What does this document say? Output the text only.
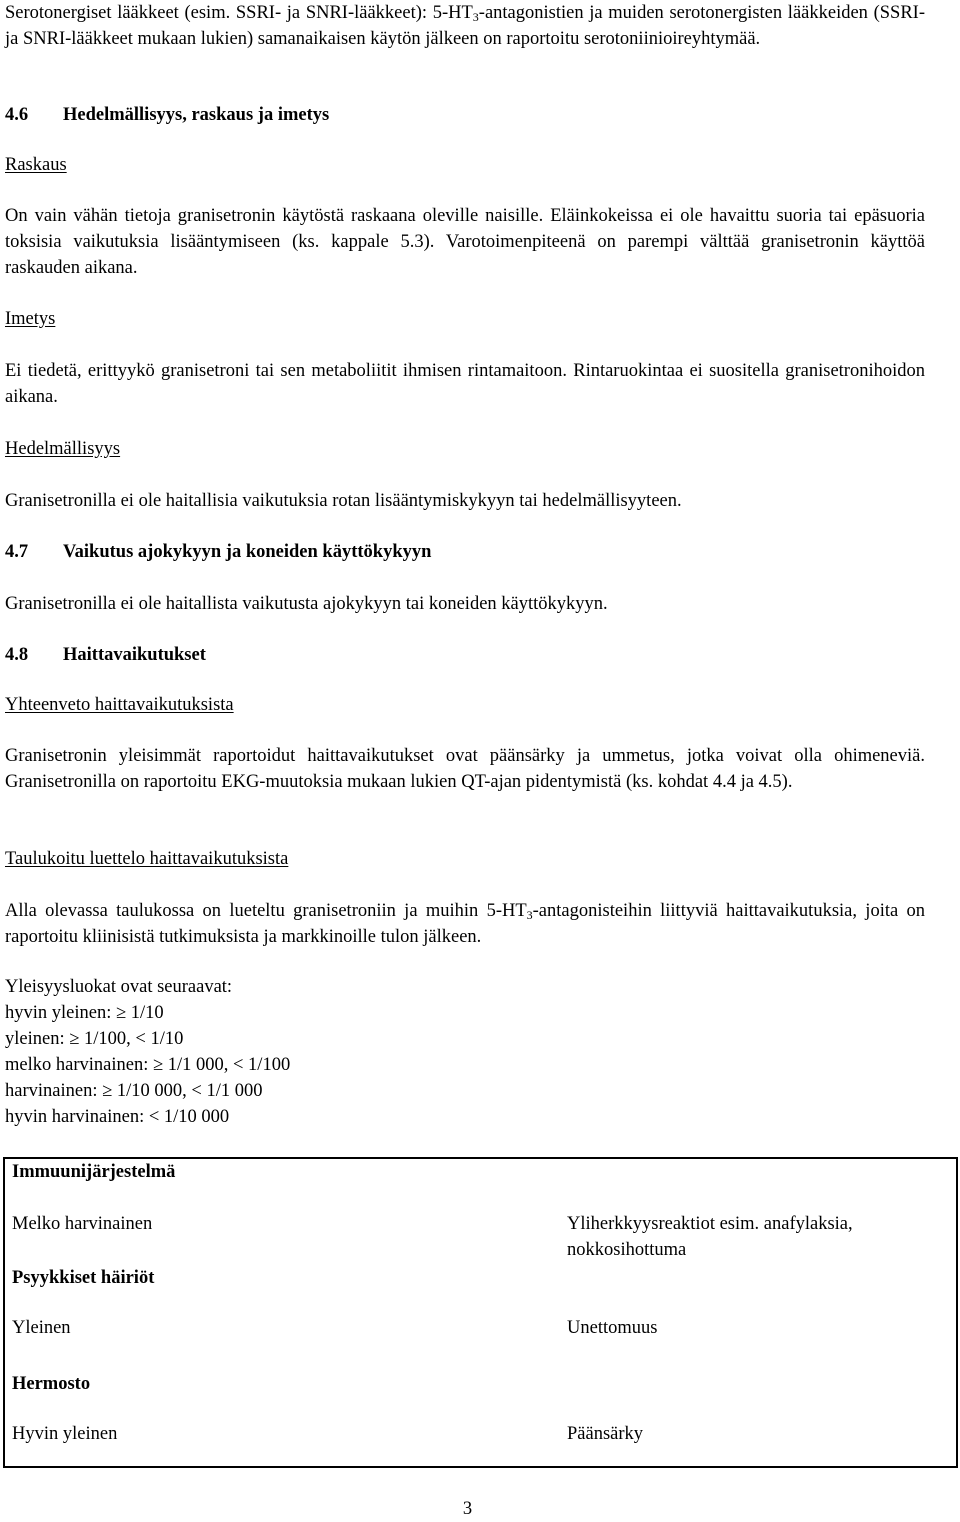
Serotonergiset lääkkeet (esim. SSRI- ja SNRI-lääkkeet): $5-HT_3$-antagonistien ja muiden serotonergisten lääkkeiden (SSRI- ja SNRI-lääkkeet mukaan lukien) samanaikaisen käytön jälkeen on raportoitu serotoniinioireyhtymää.

4.6 Hedelmällisyys, raskaus ja imetys

Raskaus

On vain vähän tietoja granisetronin käytöstä raskaana oleville naisille. Eläinkokeissa ei ole havaittu suoria tai epäsuoria toksisia vaikutuksia lisääntymiseen (ks. kappale 5.3). Varotoimenpiteenä on parempi välttää granisetronin käyttöä raskauden aikana.

Imetys

Ei tiedetä, erittyykö granisetroni tai sen metaboliitit ihmisen rintamaitoon. Rintaruokintaa ei suositella granisetronihoidon aikana.

Hedelmällisyys

Granisetronilla ei ole haitallisia vaikutuksia rotan lisääntymiskykyyn tai hedelmällisyyteen.

4.7 Vaikutus ajokykyyn ja koneiden käyttökykyyn

Granisetronilla ei ole haitallista vaikutusta ajokykyyn tai koneiden käyttökykyyn.

4.8 Haittavaikutukset

Yhteenveto haittavaikutuksista

Granisetronin yleisimmät raportoidut haittavaikutukset ovat päänsärky ja ummetus, jotka voivat olla ohimeneviä. Granisetronilla on raportoitu EKG-muutoksia mukaan lukien QT-ajan pidentymistä (ks. kohdat 4.4 ja 4.5).

Taulukoitu luettelo haittavaikutuksista

Alla olevassa taulukossa on lueteltu granisetroniin ja muihin $5-HT_3$-antagonisteihin liittyviä haittavaikutuksia, joita on raportoitu kliinisistä tutkimuksista ja markkinoille tulon jälkeen.

Yleisyysluokat ovat seuraavat:

hyvin yleinen: ≥ 1/10

yleinen: ≥ 1/100, < 1/10

melko harvinainen: ≥ 1/1 000, < 1/100

harvinainen: ≥ 1/10 000, < 1/1 000

hyvin harvinainen: < 1/10 000

Immuunijärjestelmä	
Melko harvinainen	Yliherkkyysreaktiot esim. anafylaksia, nokkosihottuma
Psyykkiset häiriöt	
Yleinen	Unettomuus
Hermosto	
Hyvin yleinen	Päänsärky
3
